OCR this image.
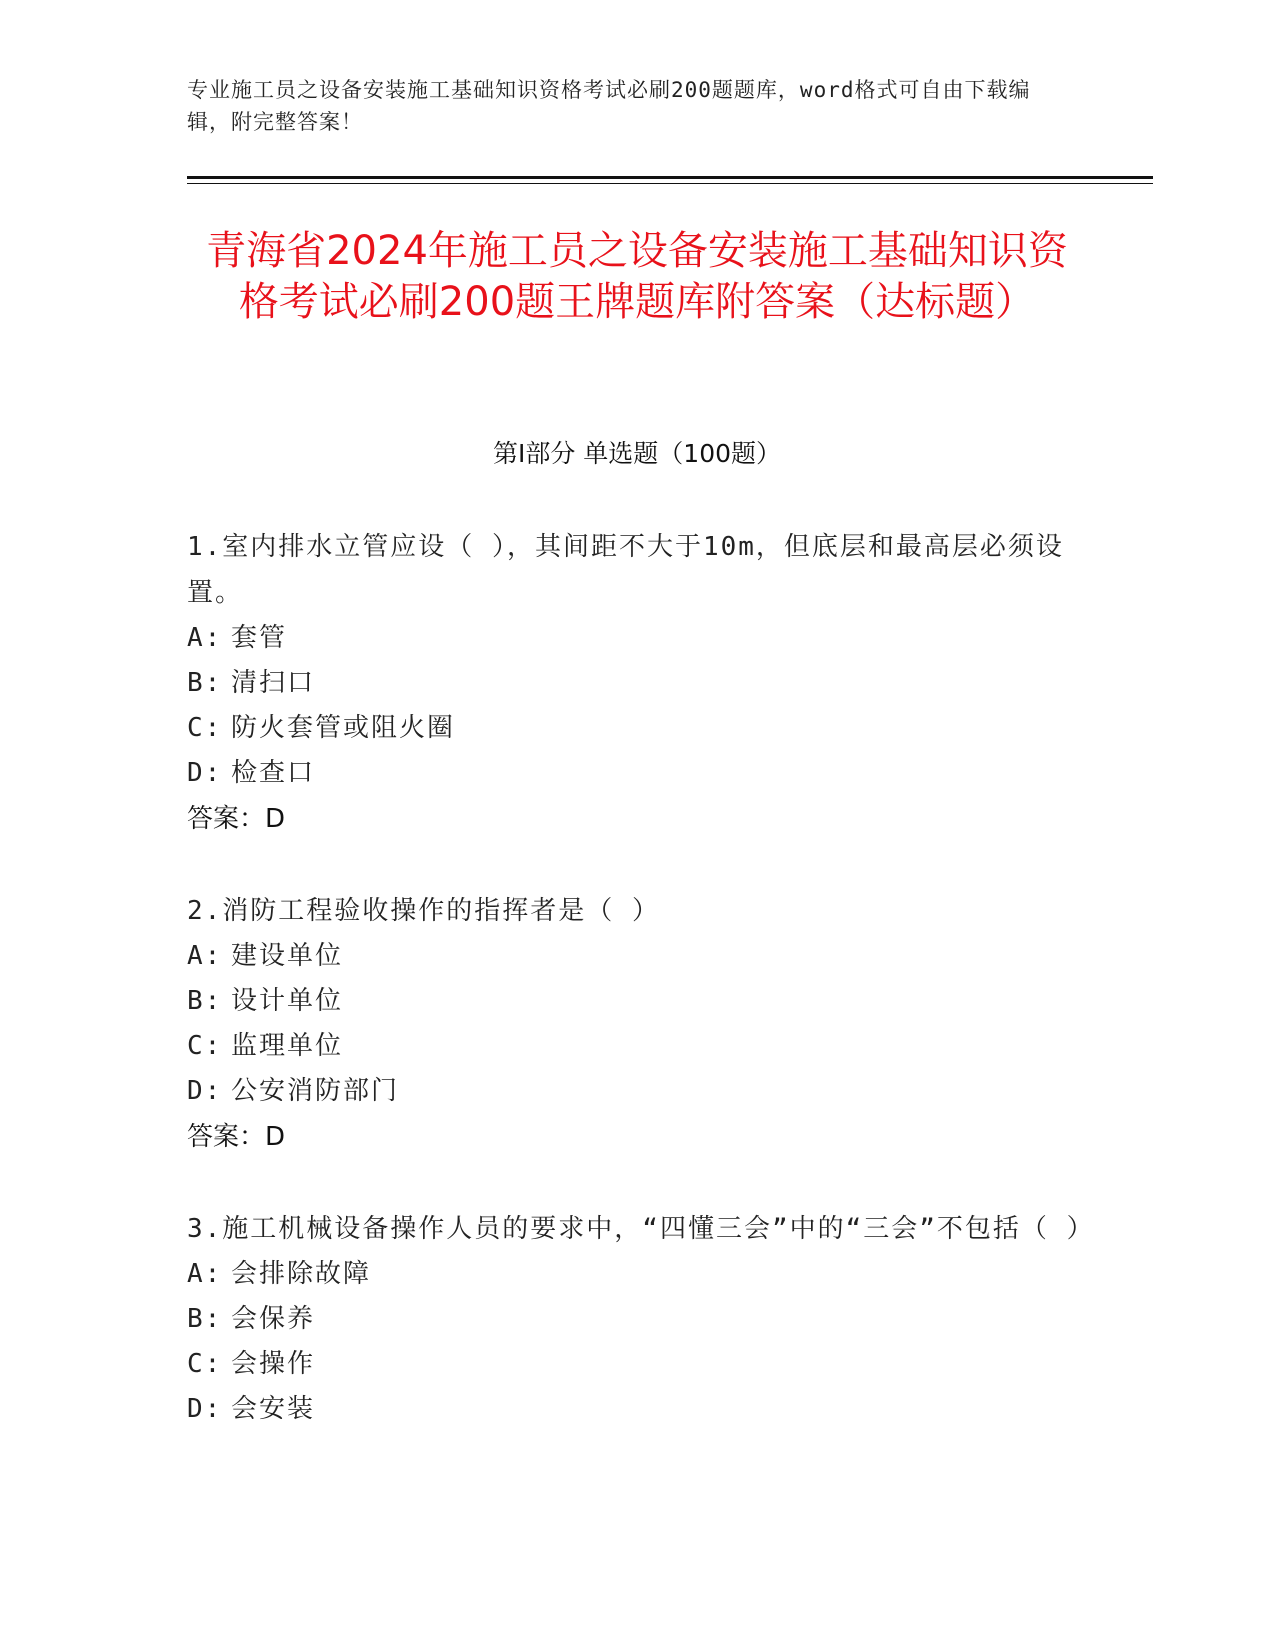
专业施工员之设备安装施工基础知识资格考试必刷200题题库，word格式可自由下载编辑，附完整答案！
青海省2024年施工员之设备安装施工基础知识资格考试必刷200题王牌题库附答案（达标题）
第Ⅰ部分 单选题（100题）
1.室内排水立管应设（ ），其间距不大于10m，但底层和最高层必须设置。
A: 套管
B: 清扫口
C: 防火套管或阻火圈
D: 检查口
答案：D
2.消防工程验收操作的指挥者是（ ）
A: 建设单位
B: 设计单位
C: 监理单位
D: 公安消防部门
答案：D
3.施工机械设备操作人员的要求中，“四懂三会”中的“三会”不包括（ ）
A: 会排除故障
B: 会保养
C: 会操作
D: 会安装
